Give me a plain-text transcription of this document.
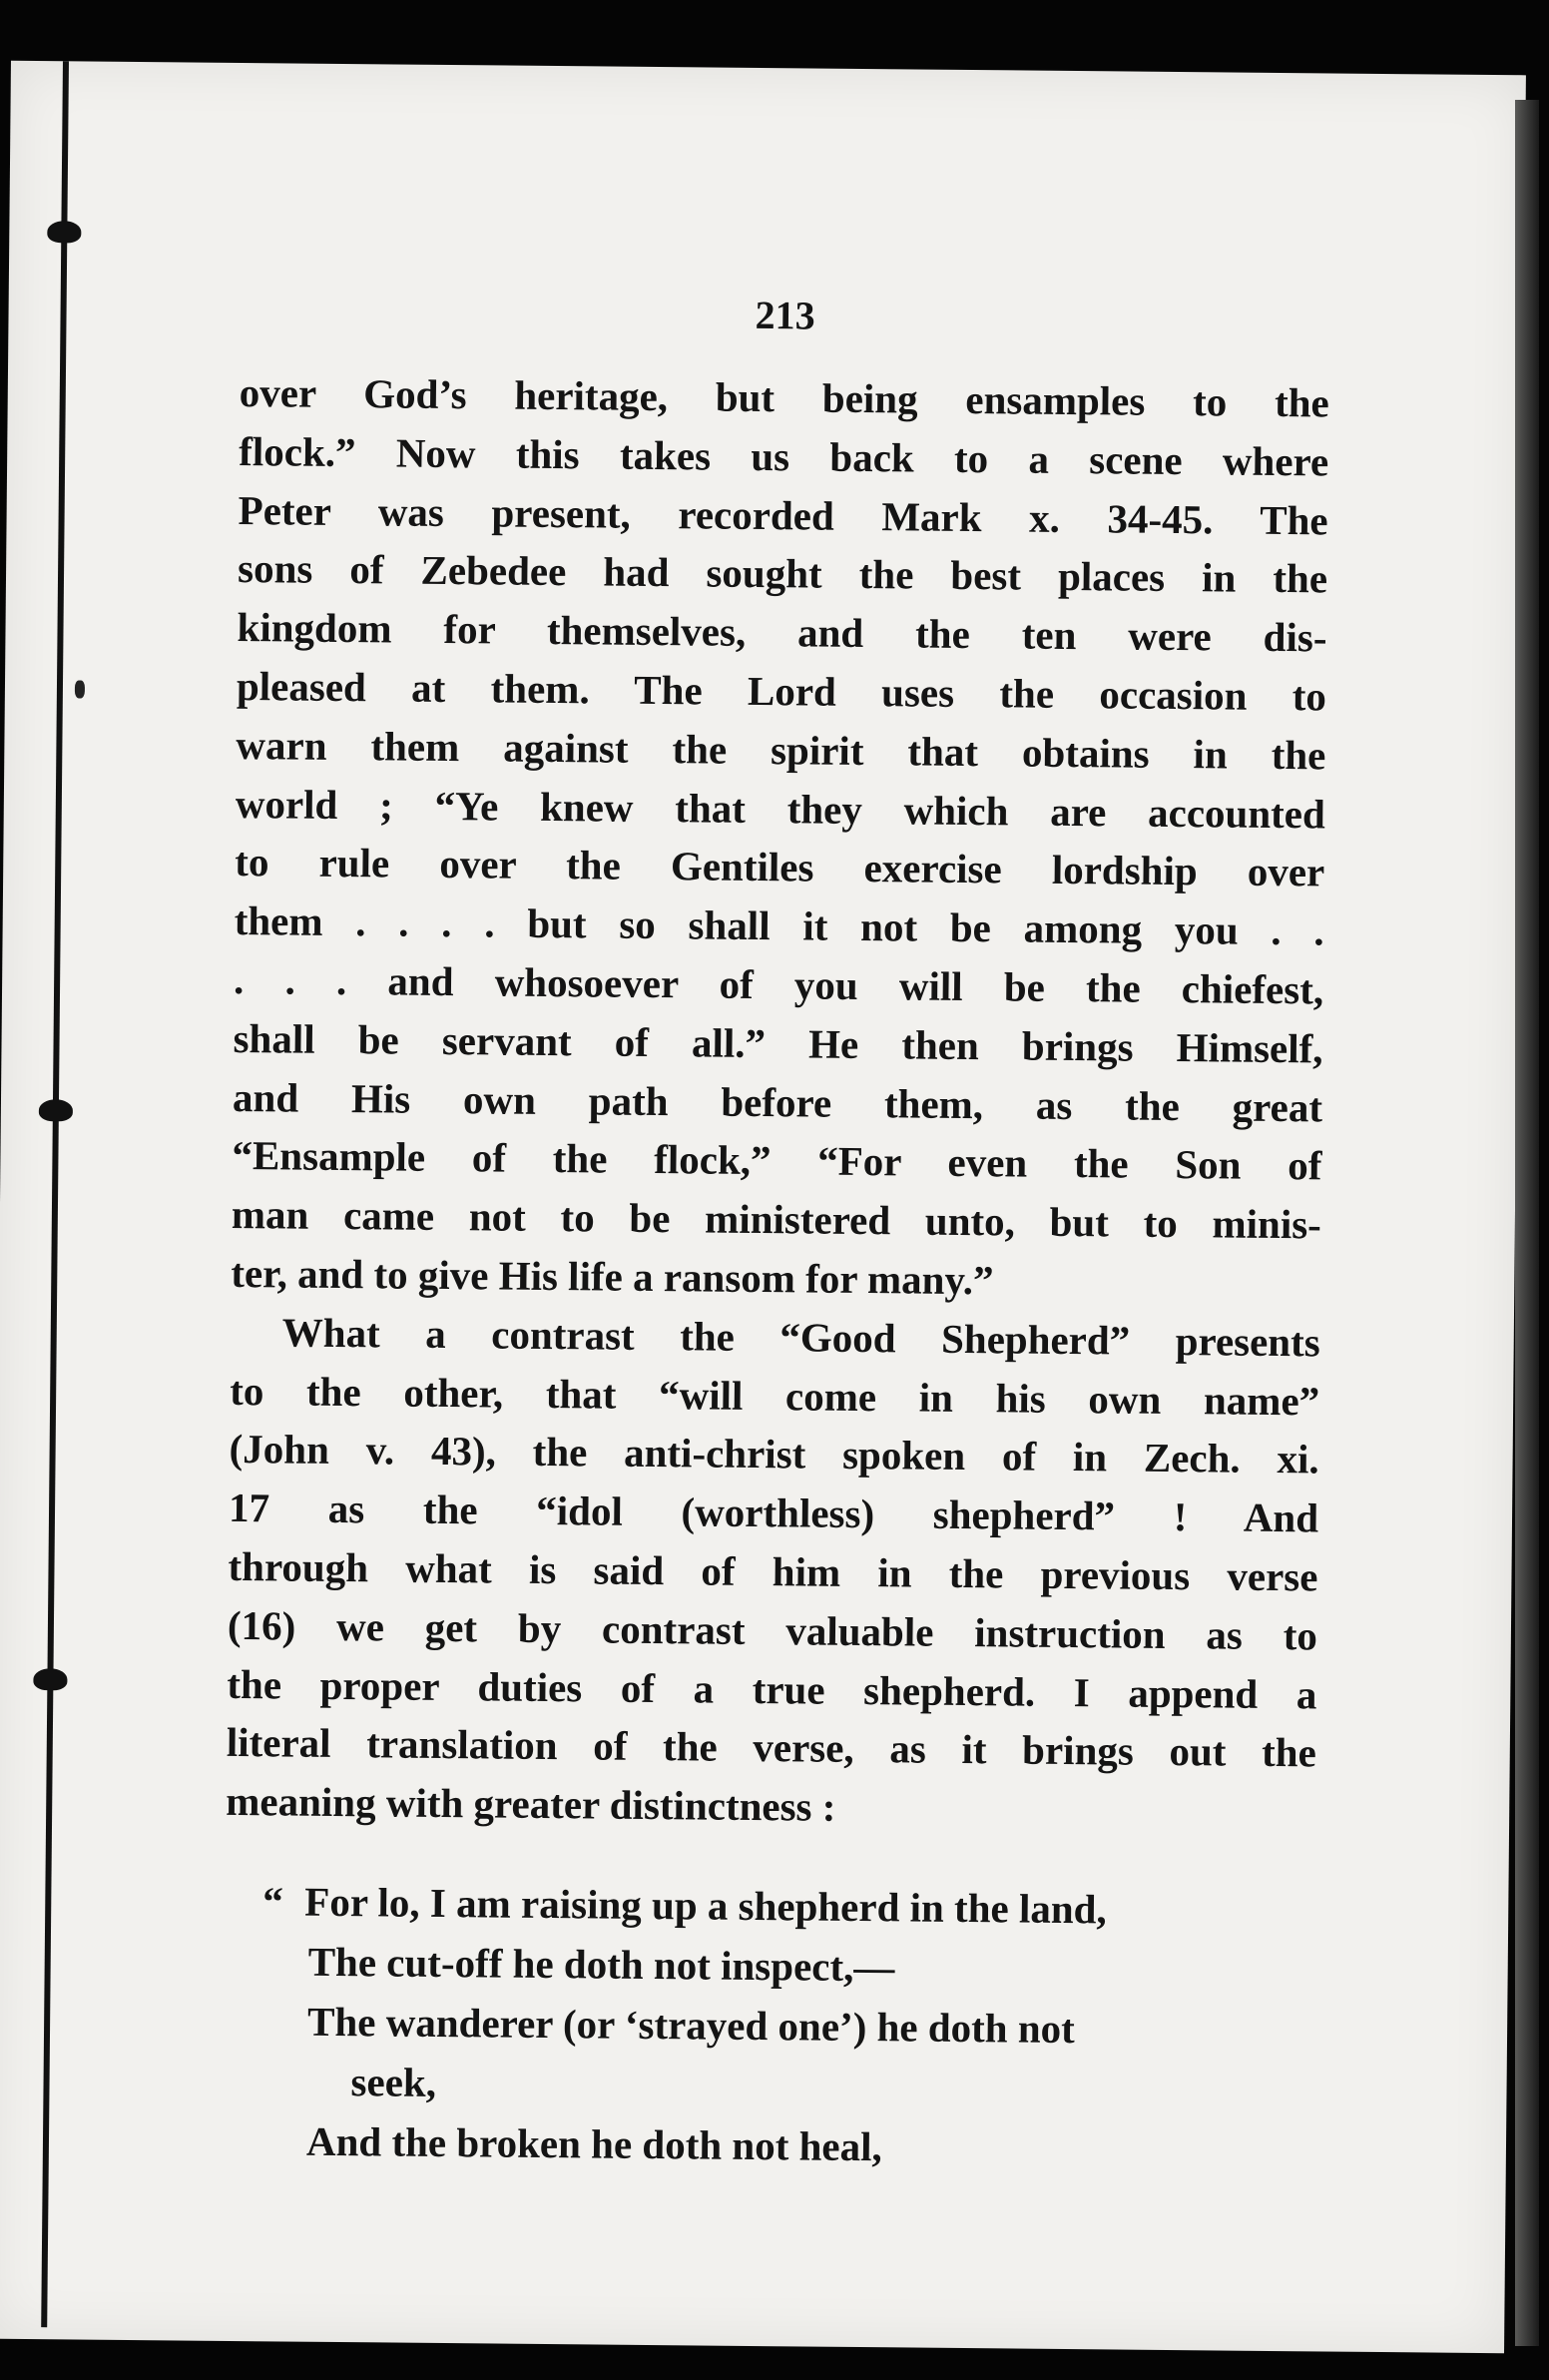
213

over God’s heritage, but being ensamples to the
flock.” Now this takes us back to a scene where
Peter was present, recorded Mark x. 34-45. The
sons of Zebedee had sought the best places in the
kingdom for themselves, and the ten were dis-
pleased at them. The Lord uses the occasion to
warn them against the spirit that obtains in the
world ; “Ye knew that they which are accounted
to rule over the Gentiles exercise lordship over
them . . . . but so shall it not be among you . .
. . . and whosoever of you will be the chiefest,
shall be servant of all.” He then brings Himself,
and His own path before them, as the great
“Ensample of the flock,” “For even the Son of
man came not to be ministered unto, but to minis-
ter, and to give His life a ransom for many.”

What a contrast the “Good Shepherd” presents
to the other, that “will come in his own name”
(John v. 43), the anti-christ spoken of in Zech. xi.
17 as the “idol (worthless) shepherd” ! And
through what is said of him in the previous verse
(16) we get by contrast valuable instruction as to
the proper duties of a true shepherd. I append a
literal translation of the verse, as it brings out the
meaning with greater distinctness :

“ For lo, I am raising up a shepherd in the land,
The cut-off he doth not inspect,—
The wanderer (or ‘strayed one’) he doth not
seek,
And the broken he doth not heal,
